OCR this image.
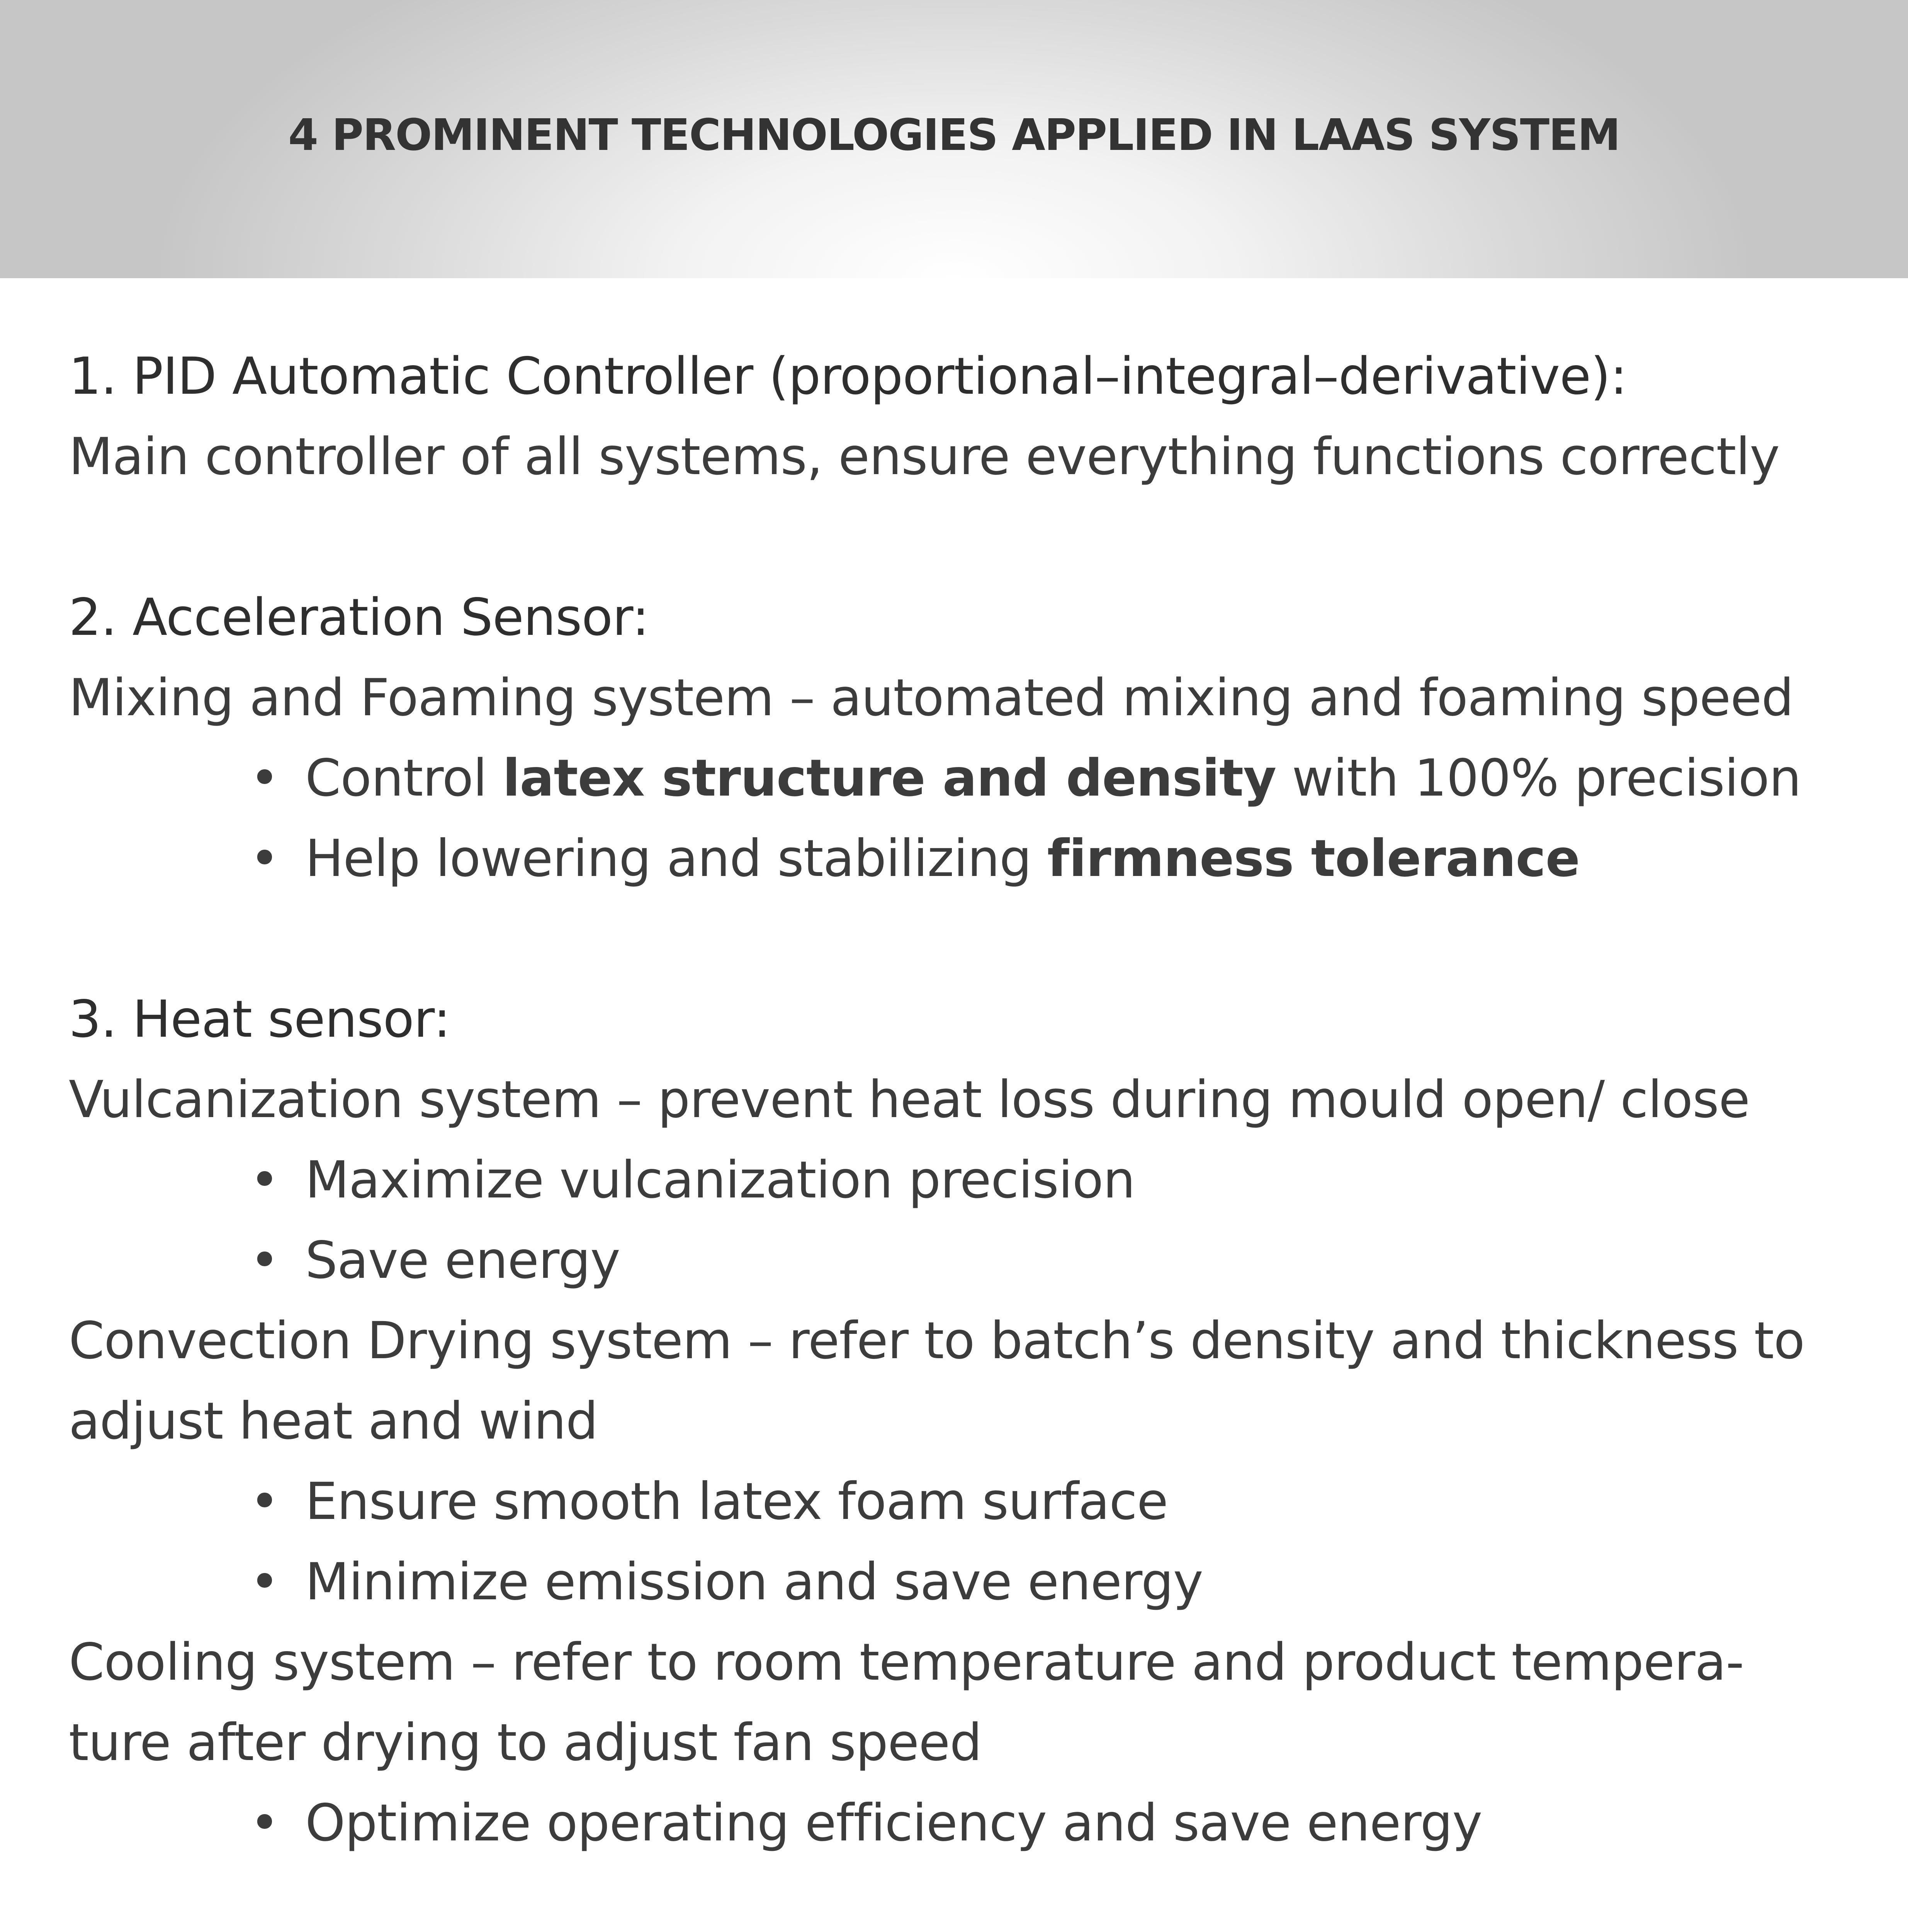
4 PROMINENT TECHNOLOGIES APPLIED IN LAAS SYSTEM
1. PID Automatic Controller (proportional–integral–derivative):
Main controller of all systems, ensure everything functions correctly
2. Acceleration Sensor:
Mixing and Foaming system – automated mixing and foaming speed
• Control latex structure and density with 100% precision
• Help lowering and stabilizing firmness tolerance
3. Heat sensor:
Vulcanization system – prevent heat loss during mould open/ close
• Maximize vulcanization precision
• Save energy
Convection Drying system – refer to batch’s density and thickness to
adjust heat and wind
• Ensure smooth latex foam surface
• Minimize emission and save energy
Cooling system – refer to room temperature and product tempera-
ture after drying to adjust fan speed
• Optimize operating efficiency and save energy
